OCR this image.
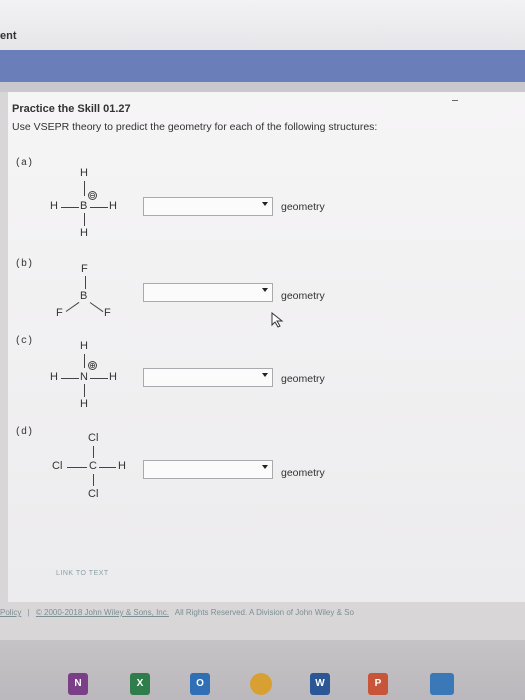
ent
Practice the Skill 01.27
Use VSEPR theory to predict the geometry for each of the following structures:
(a)
H
H B
⊖
H
H
geometry
(b)	F
B
F	F
geometry
(c)	H
H N
⊕
H
H
geometry
(d)	Cl
Cl C H
Cl
geometry
LINK TO TEXT
Policy | © 2000-2018 John Wiley & Sons, Inc. All Rights Reserved. A Division of John Wiley & So
N	X	O	W	P
